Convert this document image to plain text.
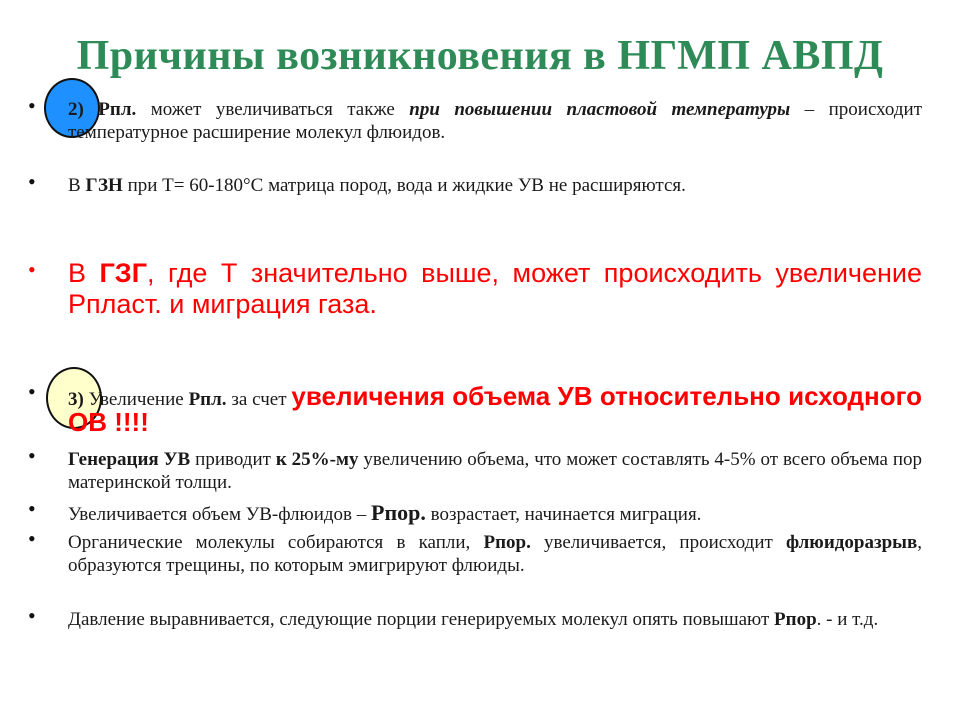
Причины возникновения в НГМП АВПД
• 2) Рпл. может увеличиваться также при повышении пластовой температуры – происходит температурное расширение молекул флюидов.
• В ГЗН при Т= 60-180°С матрица пород, вода и жидкие УВ не расширяются.
• В ГЗГ, где Т значительно выше, может происходить увеличение Рпласт. и миграция газа.
• 3) Увеличение Рпл. за счет увеличения объема УВ относительно исходного ОВ !!!!
• Генерация УВ приводит к 25%-му увеличению объема, что может составлять 4-5% от всего объема пор материнской толщи.
• Увеличивается объем УВ-флюидов – Рпор. возрастает, начинается миграция.
• Органические молекулы собираются в капли, Рпор. увеличивается, происходит флюидоразрыв, образуются трещины, по которым эмигрируют флюиды.
• Давление выравнивается, следующие порции генерируемых молекул опять повышают Рпор. - и т.д.
